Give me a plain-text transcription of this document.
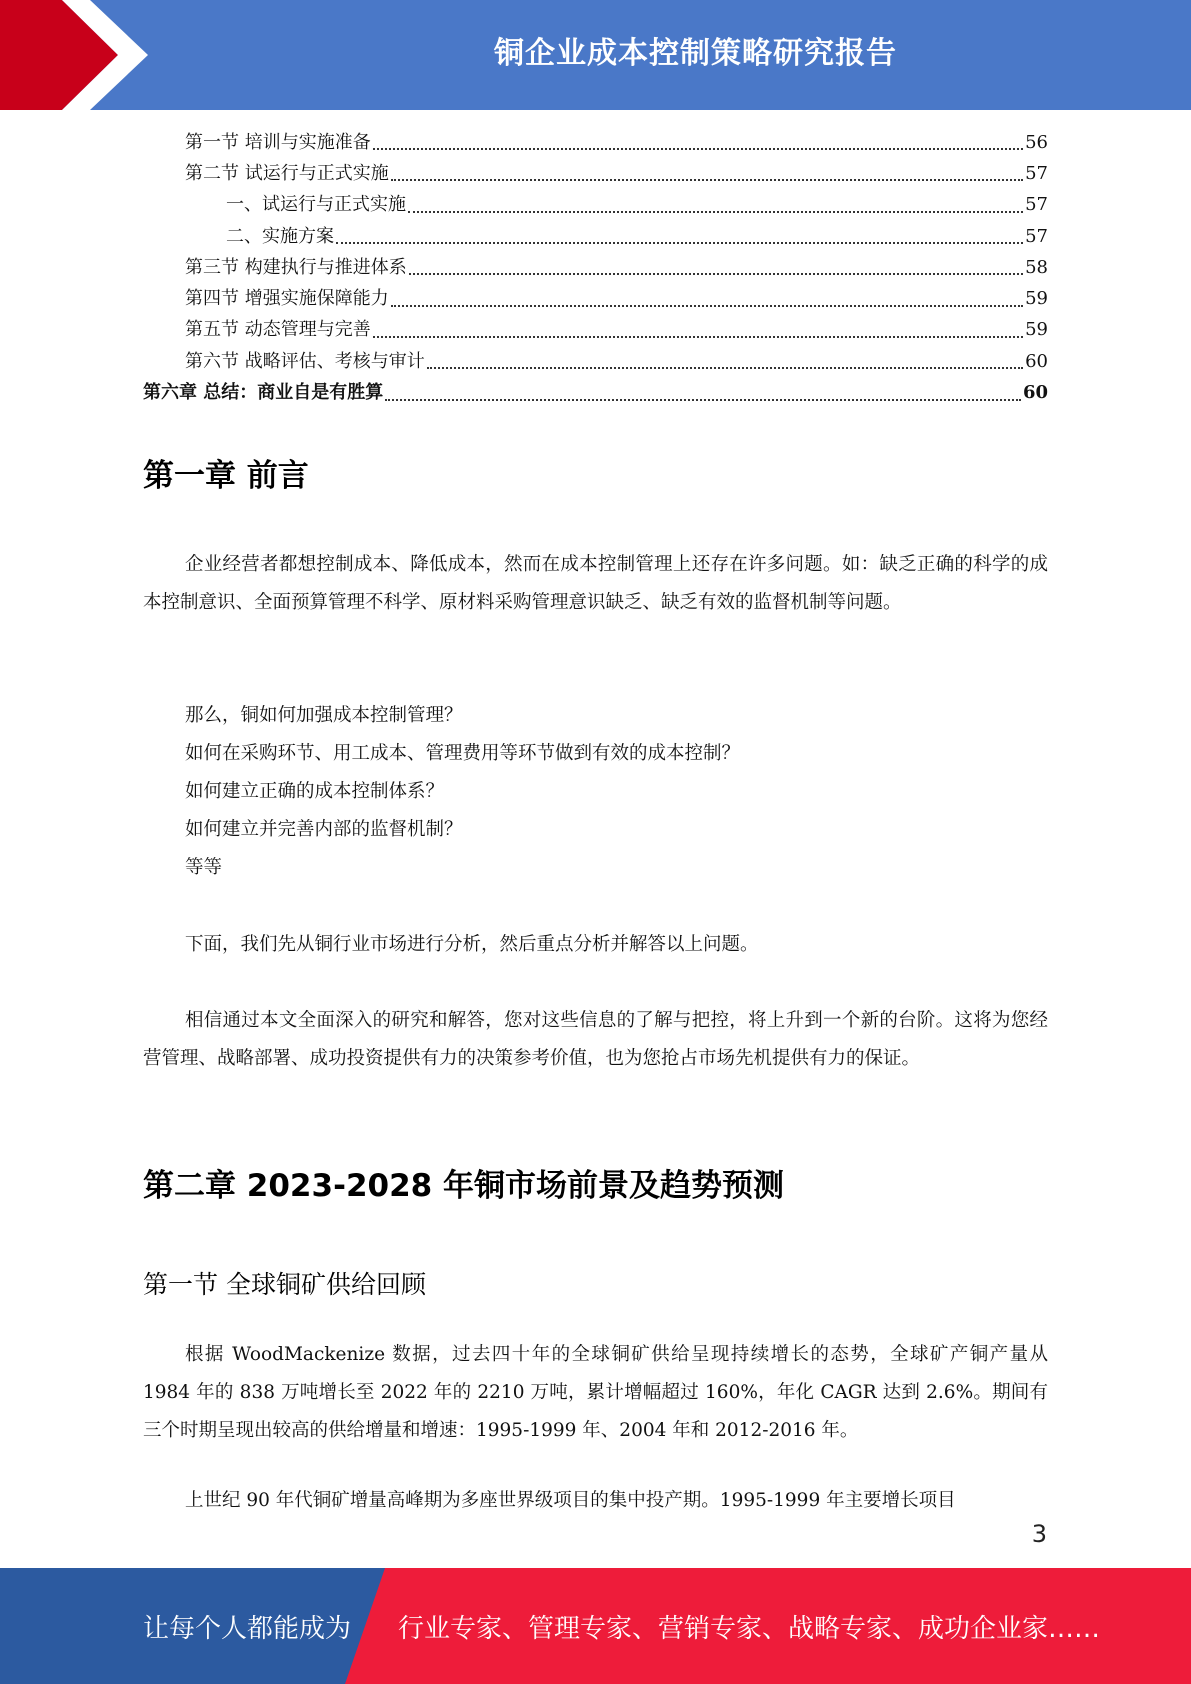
铜企业成本控制策略研究报告
第一节 培训与实施准备	56
第二节 试运行与正式实施	57
一、试运行与正式实施	57
二、实施方案	57
第三节 构建执行与推进体系	58
第四节 增强实施保障能力	59
第五节 动态管理与完善	59
第六节 战略评估、考核与审计	60
第六章 总结：商业自是有胜算	60
第一章 前言
企业经营者都想控制成本、降低成本，然而在成本控制管理上还存在许多问题。如：缺乏正确的科学的成本控制意识、全面预算管理不科学、原材料采购管理意识缺乏、缺乏有效的监督机制等问题。
那么，铜如何加强成本控制管理？
如何在采购环节、用工成本、管理费用等环节做到有效的成本控制？
如何建立正确的成本控制体系？
如何建立并完善内部的监督机制？
等等
下面，我们先从铜行业市场进行分析，然后重点分析并解答以上问题。
相信通过本文全面深入的研究和解答，您对这些信息的了解与把控，将上升到一个新的台阶。这将为您经营管理、战略部署、成功投资提供有力的决策参考价值，也为您抢占市场先机提供有力的保证。
第二章 2023-2028 年铜市场前景及趋势预测
第一节 全球铜矿供给回顾
根据 WoodMackenize 数据，过去四十年的全球铜矿供给呈现持续增长的态势，全球矿产铜产量从 1984 年的 838 万吨增长至 2022 年的 2210 万吨，累计增幅超过 160%，年化 CAGR 达到 2.6%。期间有三个时期呈现出较高的供给增量和增速：1995-1999 年、2004 年和 2012-2016 年。
上世纪 90 年代铜矿增量高峰期为多座世界级项目的集中投产期。1995-1999 年主要增长项目
3
让每个人都能成为 行业专家、管理专家、营销专家、战略专家、成功企业家……
